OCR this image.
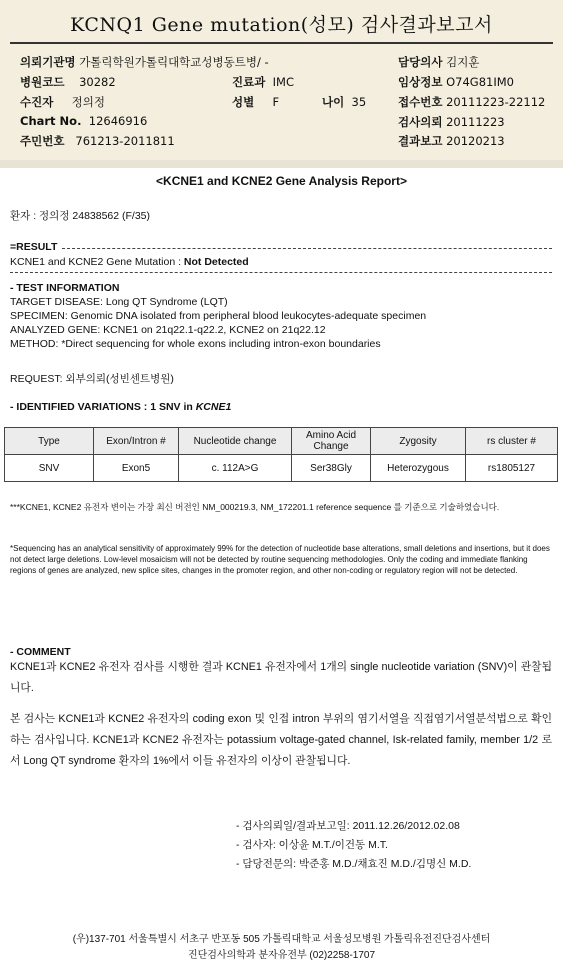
KCNQ1 Gene mutation(성모) 검사결과보고서
의뢰기관명 가톨릭학원가톨릭대학교성병동트병/ -	담당의사 김지훈
병원코드 30282	진료과 IMC	임상정보 O74G81IM0
수진자 정의정	성별 F	나이 35	접수번호 20111223-22112
Chart No. 12646916	검사의뢰 20111223
주민번호 761213-2011811	결과보고 20120213
<KCNE1 and KCNE2 Gene Analysis Report>
환자 : 정의정 24838562 (F/35)
=RESULT
KCNE1 and KCNE2 Gene Mutation : Not Detected
- TEST INFORMATION
TARGET DISEASE: Long QT Syndrome (LQT)
SPECIMEN: Genomic DNA isolated from peripheral blood leukocytes-adequate specimen
ANALYZED GENE: KCNE1 on 21q22.1-q22.2, KCNE2 on 21q22.12
METHOD: *Direct sequencing for whole exons including intron-exon boundaries
REQUEST: 외부의뢰(성빈센트병원)
- IDENTIFIED VARIATIONS : 1 SNV in KCNE1
Type	Exon/Intron #	Nucleotide change	Amino Acid Change	Zygosity	rs cluster #
SNV	Exon5	c. 112A>G	Ser38Gly	Heterozygous	rs1805127
***KCNE1, KCNE2 유전자 변이는 가장 최신 버전인 NM_000219.3, NM_172201.1 reference sequence 를 기준으로 기술하였습니다.
*Sequencing has an analytical sensitivity of approximately 99% for the detection of nucleotide base alterations, small deletions and insertions, but it does not detect large deletions. Low-level mosaicism will not be detected by routine sequencing methodologies. Only the coding and immediate flanking regions of genes are analyzed, new splice sites, changes in the promoter region, and other non-coding or regulatory region will not be detected.
- COMMENT
KCNE1과 KCNE2 유전자 검사를 시행한 결과 KCNE1 유전자에서 1개의 single nucleotide variation (SNV)이 관찰됩니다.
본 검사는 KCNE1과 KCNE2 유전자의 coding exon 및 인접 intron 부위의 염기서열을 직접염기서열분석법으로 확인하는 검사입니다. KCNE1과 KCNE2 유전자는 potassium voltage-gated channel, Isk-related family, member 1/2 로서 Long QT syndrome 환자의 1%에서 이들 유전자의 이상이 관찰됩니다.
- 검사의뢰일/결과보고일: 2011.12.26/2012.02.08
- 검사자: 이상윤 M.T./이건동 M.T.
- 담당전문의: 박준홍 M.D./채효진 M.D./김명신 M.D.
(우)137-701 서울특별시 서초구 반포동 505 가톨릭대학교 서울성모병원 가톨릭유전진단검사센터
진단검사의학과 분자유전부 (02)2258-1707
